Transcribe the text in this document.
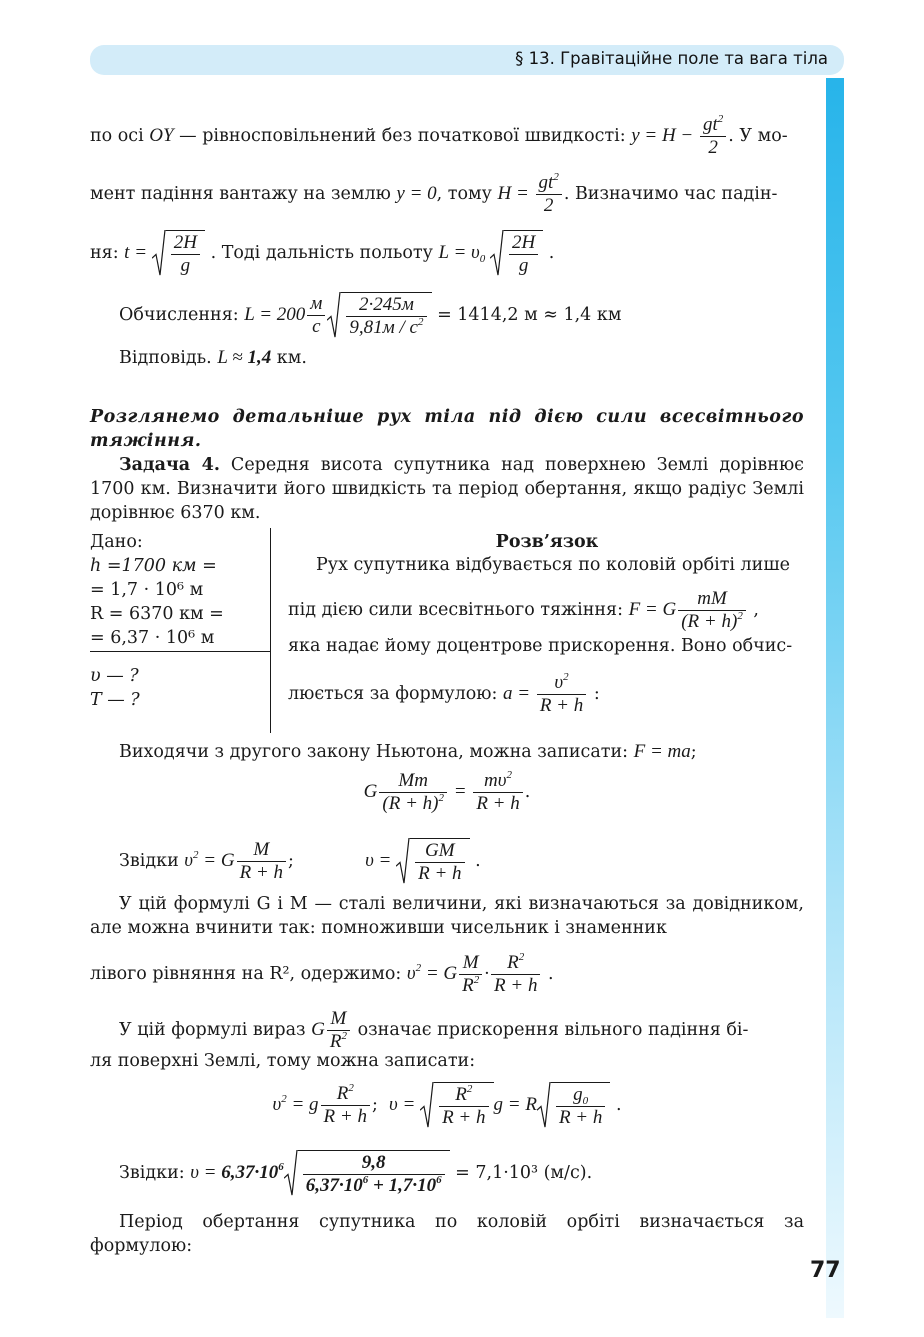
§ 13. Гравітаційне поле та вага тіла
по осі OY — рівносповільнений без початкової швидкості: $y = H - \frac{gt^2}{2}$ . У мо-
мент падіння вантажу на землю y = 0, тому $H = \frac{gt^2}{2}$ . Визначимо час падін-
ня: $t = \frac{2H}{g}$ . Тоді дальність польоту $L = \upsilon_0 \frac{2H}{g}$ .
Обчислення: $L = 200 \frac{м}{с} \frac{2\cdot 245м}{9,81м / с^2} = 1414,2$ м ≈ 1,4 км
Відповідь. L ≈ 1,4 км.
Розглянемо детальніше рух тіла під дією сили всесвітнього тяжіння.
Задача 4. Середня висота супутника над поверхнею Землі дорівнює 1700 км. Визначити його швидкість та період обертання, якщо радіус Землі дорівнює 6370 км.
Дано:
h =1700 км =
= 1,7 · 10⁶ м
R = 6370 км =
= 6,37 · 10⁶ м
υ — ?
T — ?
Розв’язок
Рух супутника відбувається по коловій орбіті лише
під дією сили всесвітнього тяжіння: F = G $\frac{mM}{(R + h)^2}$ ,
яка надає йому доцентрове прискорення. Воно обчис-
люється за формулою: $a = \frac{\upsilon^2}{R + h}$ :
Виходячи з другого закону Ньютона, можна записати: F = ma;
G $\frac{Mm}{(R + h)^2} = \frac{m\upsilon^2}{R + h}$ .
Звідки $\upsilon^2 = G \frac{M}{R + h}$ ;	$\upsilon = \frac{GM}{R + h}$ .
У цій формулі G і M — сталі величини, які визначаються за довідником, але можна вчинити так: помноживши чисельник і знаменник
лівого рівняння на R², одержимо: $\upsilon^2 = G \frac{M}{R^2} \cdot \frac{R^2}{R + h}$ .
У цій формулі вираз G $\frac{M}{R^2}$ означає прискорення вільного падіння бі-
ля поверхні Землі, тому можна записати:
$\upsilon^2 = g \frac{R^2}{R + h}$ ;  $\upsilon = \frac{R^2}{R + h}$ g = R $\frac{g_0}{R + h}$ .
Звідки: $\upsilon = 6,37\cdot 10^6 \frac{9,8}{6,37\cdot 10^6 + 1,7\cdot 10^6} = 7,1\cdot 10^3$ (м/с).
Період обертання супутника по коловій орбіті визначається за формулою:
77
